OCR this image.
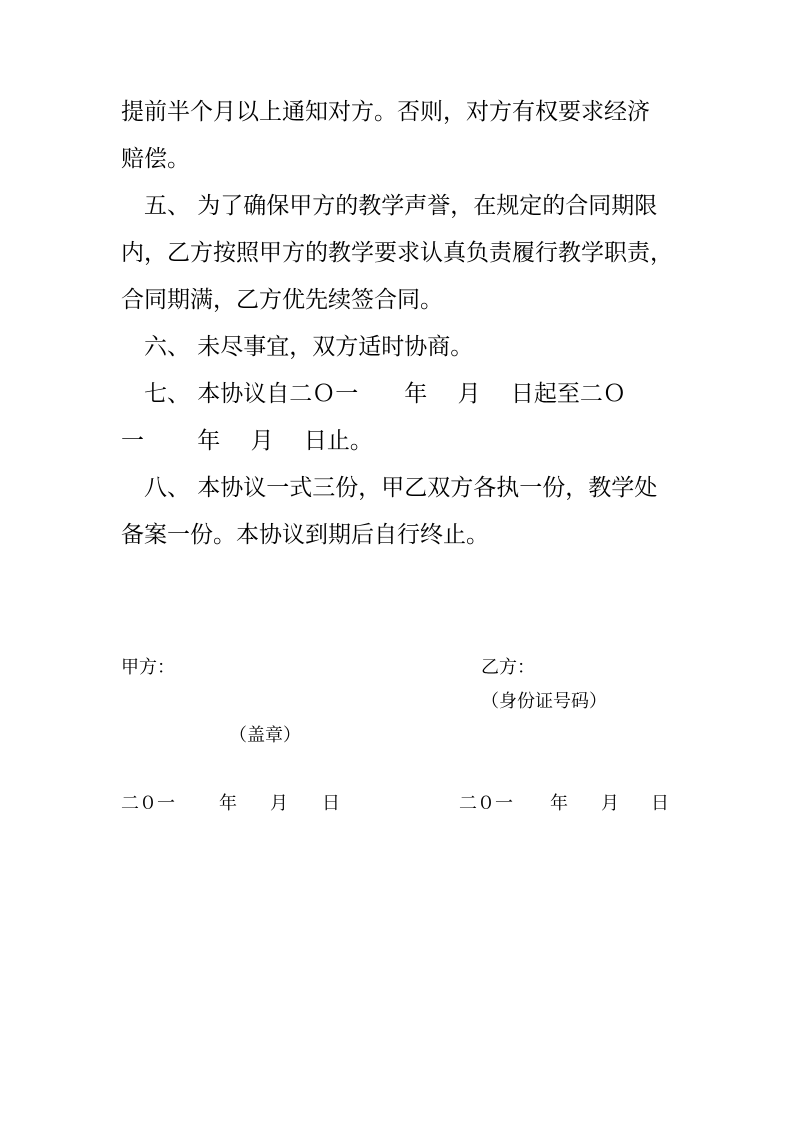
提前半个月以上通知对方。否则，对方有权要求经济
赔偿。
　五、 为了确保甲方的教学声誉，在规定的合同期限
内，乙方按照甲方的教学要求认真负责履行教学职责，
合同期满，乙方优先续签合同。
　六、 未尽事宜，双方适时协商。
　七、 本协议自二Ｏ一　　年　 月　 日起至二Ｏ
一　　 年　 月　 日止。
　八、 本协议一式三份，甲乙双方各执一份，教学处
备案一份。本协议到期后自行终止。
甲方：	乙方：
（身份证号码）
（盖章）
二０一 年 月 日	二０一 年 月 日
